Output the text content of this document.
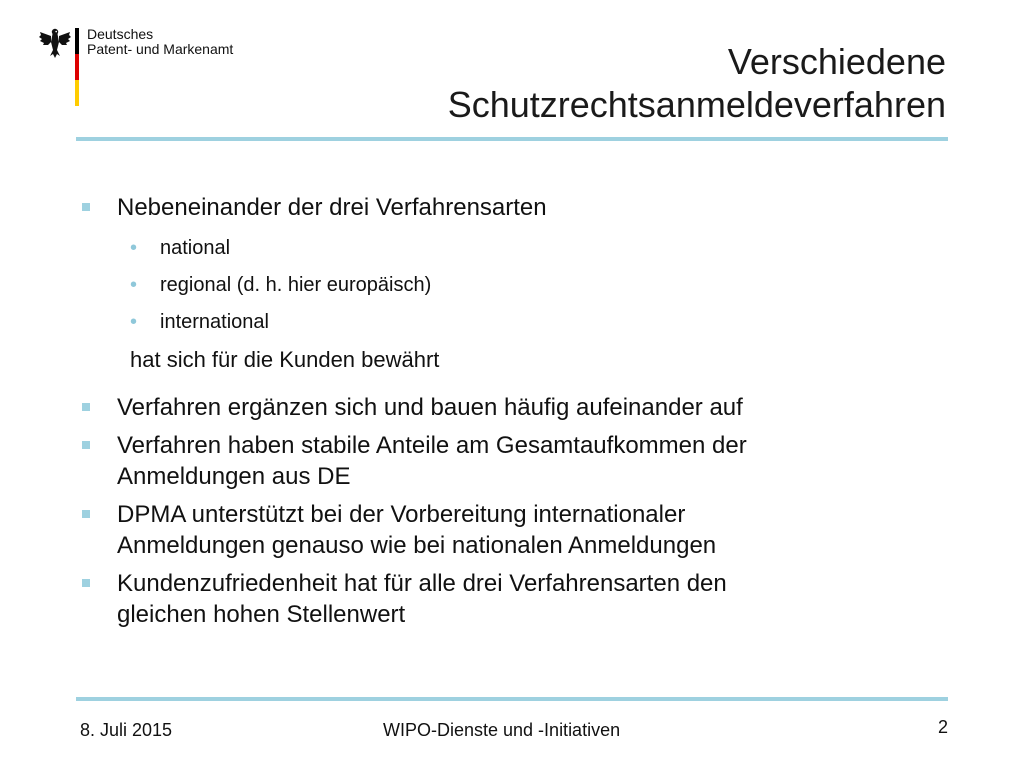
Deutsches
Patent- und Markenamt	Verschiedene
Schutzrechtsanmeldeverfahren
Nebeneinander der drei Verfahrensarten
• national
• regional (d. h. hier europäisch)
• international
hat sich für die Kunden bewährt
Verfahren ergänzen sich und bauen häufig aufeinander auf
Verfahren haben stabile Anteile am Gesamtaufkommen der
Anmeldungen aus DE
DPMA unterstützt bei der Vorbereitung internationaler
Anmeldungen genauso wie bei nationalen Anmeldungen
Kundenzufriedenheit hat für alle drei Verfahrensarten den
gleichen hohen Stellenwert
8. Juli 2015	WIPO-Dienste und -Initiativen	2
